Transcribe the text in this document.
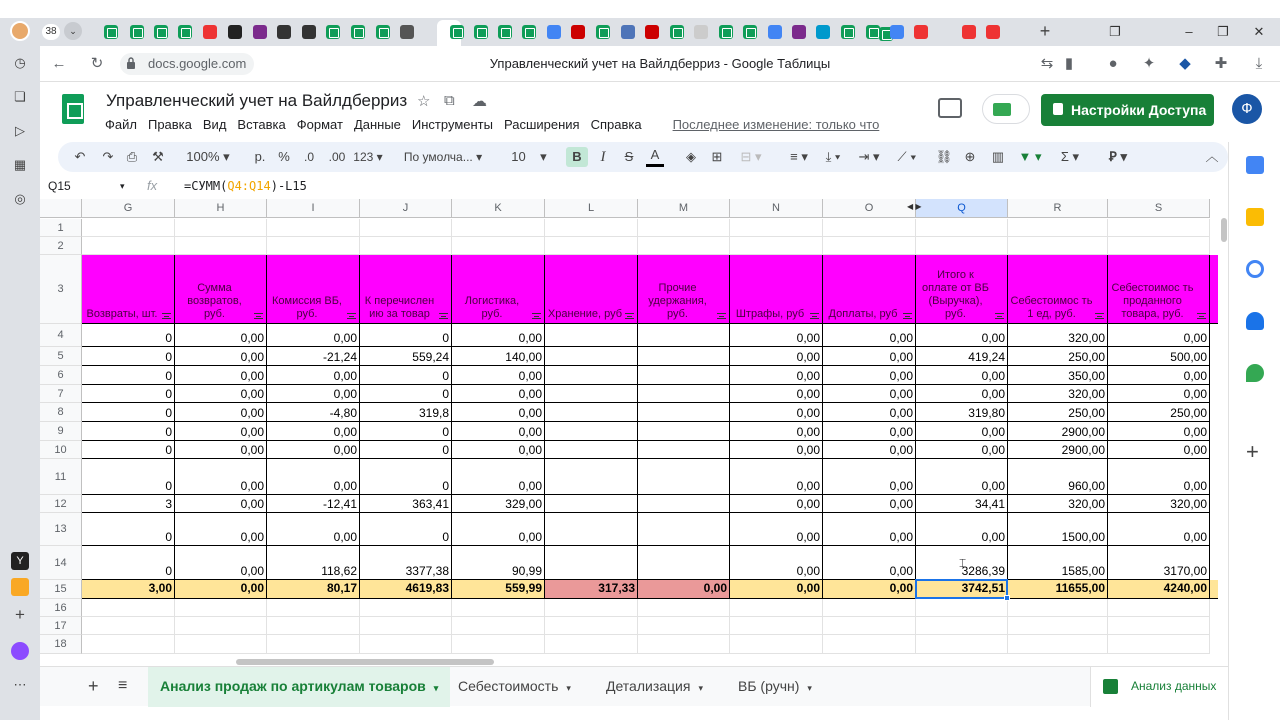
38	⌄	+	❐	–	❐	✕
◷
❏
▷
▦
◎
Y
+
⋯
← ↻	docs.google.com	Управленческий учет на Вайлдберриз - Google Таблицы	⇆ ▮	● ✦ ◆ ✚	⤓
Управленческий учет на Вайлдберриз ☆ ⧉ ☁
Файл Правка Вид Вставка Формат Данные Инструменты Расширения Справка Последнее изменение: только что
Настройки Доступа	Ф
↶	↷	⎙	⚒	100% ▾	р. %	.0	.00 123 ▾	По умолча... ▾	10    ▾	B	I	S	A	◈	⊞	⊟ ▾	≡ ▾	⤓ ▾	⇥ ▾	⟋ ▾	⛓ ⊕	▥	▼ ▾	Σ ▾	Ꝑ ▾	︿
Q15	▾ fx =СУММ(Q4:Q14)-L15
G	H	I	J	K	L	M	N	O	Q	R	S
◀ ▶
1
2
3
4
5
6
7
8
9
10
11
12
13
14
15
16
17
18
Возвраты, шт.
Сумма возвратов, руб.
Комиссия ВБ, руб.
К перечислен ию за товар
Логистика, руб.	Хранение, руб
Прочие удержания, руб.	Штрафы, руб Доплаты, руб
Итого к оплате от ВБ (Выручка), руб.
Себестоимос ть 1 ед, руб.
Себестоимос ть проданного товара, руб.
0	0,00	0,00	0	0,00	0,00	0,00	0,00	320,00	0,00
0	0,00	-21,24	559,24	140,00	0,00	0,00	419,24	250,00	500,00
0	0,00	0,00	0	0,00	0,00	0,00	0,00	350,00	0,00
0	0,00	0,00	0	0,00	0,00	0,00	0,00	320,00	0,00
0	0,00	-4,80	319,8	0,00	0,00	0,00	319,80	250,00	250,00
0	0,00	0,00	0	0,00	0,00	0,00	0,00	2900,00	0,00
0	0,00	0,00	0	0,00	0,00	0,00	0,00	2900,00	0,00
0	0,00	0,00	0	0,00	0,00	0,00	0,00	960,00	0,00
3	0,00	-12,41	363,41	329,00	0,00	0,00	34,41	320,00	320,00
0	0,00	0,00	0	0,00	0,00	0,00	0,00	1500,00	0,00
0	0,00	118,62	3377,38	90,99	0,00	0,00	3286,39	1585,00	3170,00
3,00	0,00	80,17	4619,83	559,99	317,33	0,00	0,00	0,00	3742,51	11655,00	4240,00
⌶
+	≡	Анализ продаж по артикулам товаров ▾	Себестоимость ▾	Детализация ▾	ВБ (ручн) ▾	Анализ данных
+
